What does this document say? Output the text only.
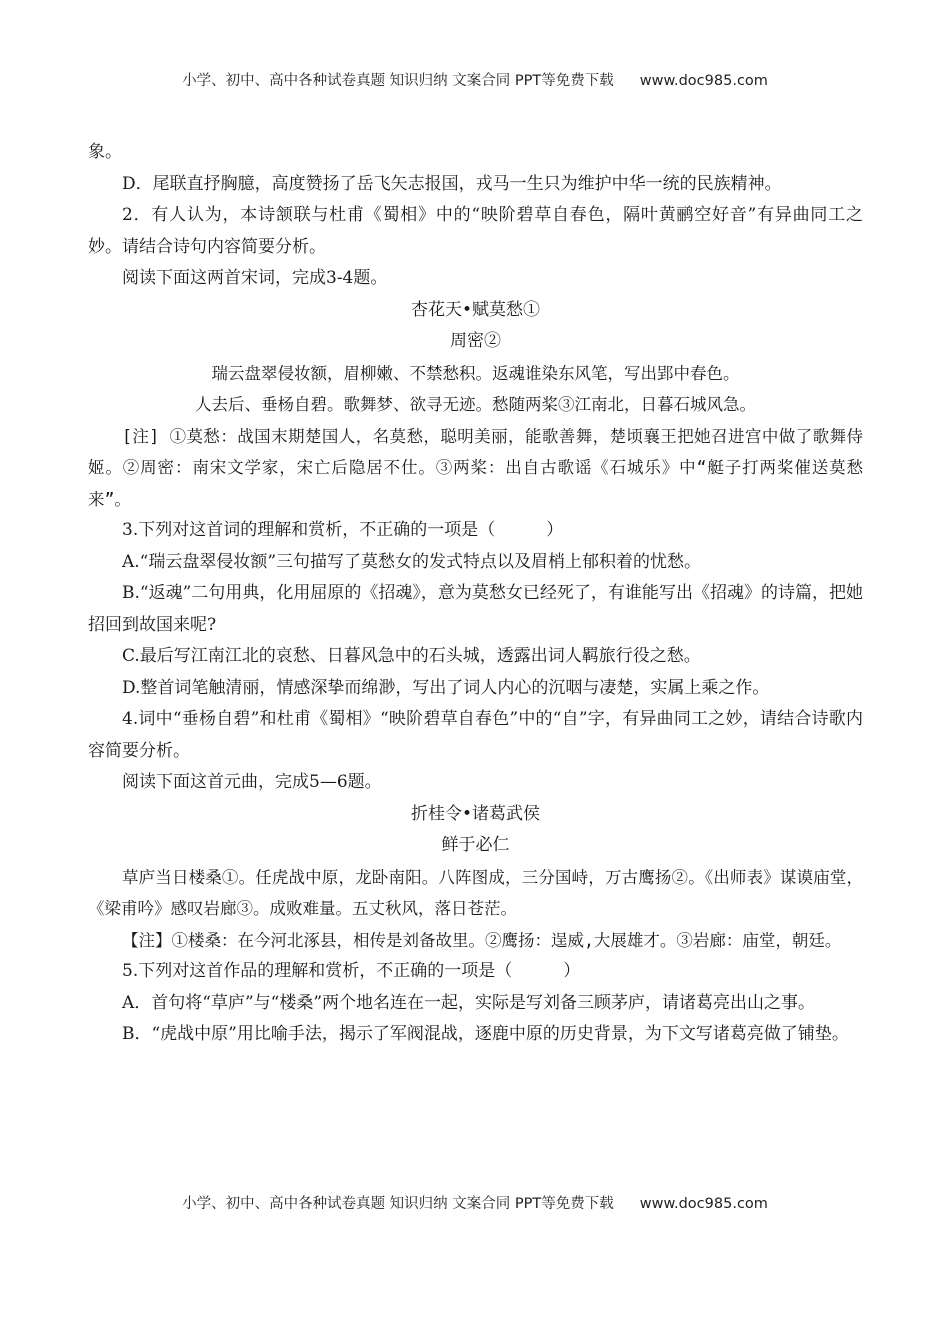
小学、初中、高中各种试卷真题 知识归纳 文案合同 PPT等免费下载 www.doc985.com

象。

D．尾联直抒胸臆，高度赞扬了岳飞矢志报国，戎马一生只为维护中华一统的民族精神。

2．有人认为，本诗颔联与杜甫《蜀相》中的“映阶碧草自春色，隔叶黄鹂空好音”有异曲同工之妙。请结合诗句内容简要分析。

阅读下面这两首宋词，完成3-4题。

杏花天•赋莫愁①

周密②

瑞云盘翠侵妆额，眉柳嫩、不禁愁积。返魂谁染东风笔，写出郢中春色。

人去后、垂杨自碧。歌舞梦、欲寻无迹。愁随两桨③江南北，日暮石城风急。

[注] ①莫愁：战国末期楚国人，名莫愁，聪明美丽，能歌善舞，楚顷襄王把她召进宫中做了歌舞侍姬。②周密：南宋文学家，宋亡后隐居不仕。③两桨：出自古歌谣《石城乐》中“艇子打两桨催送莫愁来”。

3.下列对这首词的理解和赏析，不正确的一项是（　　　）

A.“瑞云盘翠侵妆额”三句描写了莫愁女的发式特点以及眉梢上郁积着的忧愁。

B.“返魂”二句用典，化用屈原的《招魂》，意为莫愁女已经死了，有谁能写出《招魂》的诗篇，把她招回到故国来呢?

C.最后写江南江北的哀愁、日暮风急中的石头城，透露出词人羁旅行役之愁。

D.整首词笔触清丽，情感深挚而绵渺，写出了词人内心的沉咽与凄楚，实属上乘之作。

4.词中“垂杨自碧”和杜甫《蜀相》“映阶碧草自春色”中的“自”字，有异曲同工之妙，请结合诗歌内容简要分析。

阅读下面这首元曲，完成5—6题。

折桂令•诸葛武侯

鲜于必仁

草庐当日楼桑①。任虎战中原，龙卧南阳。八阵图成，三分国峙，万古鹰扬②。《出师表》谋谟庙堂，《梁甫吟》感叹岩廊③。成败难量。五丈秋风，落日苍茫。

【注】①楼桑：在今河北涿县，相传是刘备故里。②鹰扬：逞威,大展雄才。③岩廊：庙堂，朝廷。

5.下列对这首作品的理解和赏析，不正确的一项是（　　　）

A．首句将“草庐”与“楼桑”两个地名连在一起，实际是写刘备三顾茅庐，请诸葛亮出山之事。

B．“虎战中原”用比喻手法，揭示了军阀混战，逐鹿中原的历史背景，为下文写诸葛亮做了铺垫。

小学、初中、高中各种试卷真题 知识归纳 文案合同 PPT等免费下载 www.doc985.com
